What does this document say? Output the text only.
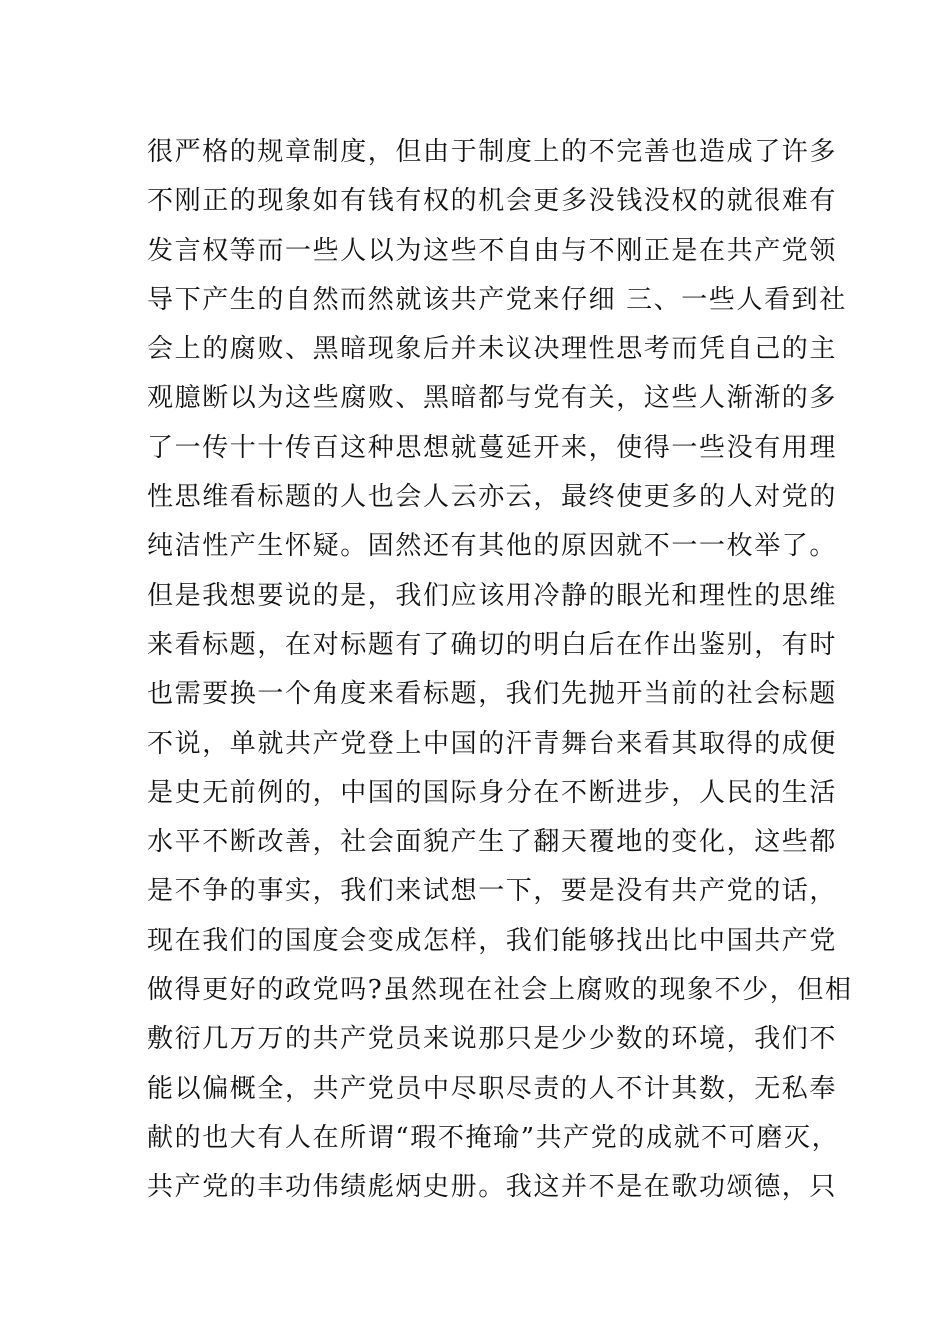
很严格的规章制度，但由于制度上的不完善也造成了许多
不刚正的现象如有钱有权的机会更多没钱没权的就很难有
发言权等而一些人以为这些不自由与不刚正是在共产党领
导下产生的自然而然就该共产党来仔细 三、一些人看到社
会上的腐败、黑暗现象后并未议决理性思考而凭自己的主
观臆断以为这些腐败、黑暗都与党有关，这些人渐渐的多
了一传十十传百这种思想就蔓延开来，使得一些没有用理
性思维看标题的人也会人云亦云，最终使更多的人对党的
纯洁性产生怀疑。固然还有其他的原因就不一一枚举了。
但是我想要说的是，我们应该用冷静的眼光和理性的思维
来看标题，在对标题有了确切的明白后在作出鉴别，有时
也需要换一个角度来看标题，我们先抛开当前的社会标题
不说，单就共产党登上中国的汗青舞台来看其取得的成便
是史无前例的，中国的国际身分在不断进步，人民的生活
水平不断改善，社会面貌产生了翻天覆地的变化，这些都
是不争的事实，我们来试想一下，要是没有共产党的话，
现在我们的国度会变成怎样，我们能够找出比中国共产党
做得更好的政党吗?虽然现在社会上腐败的现象不少，但相
敷衍几万万的共产党员来说那只是少少数的环境，我们不
能以偏概全，共产党员中尽职尽责的人不计其数，无私奉
献的也大有人在所谓“瑕不掩瑜”共产党的成就不可磨灭，
共产党的丰功伟绩彪炳史册。我这并不是在歌功颂德，只
